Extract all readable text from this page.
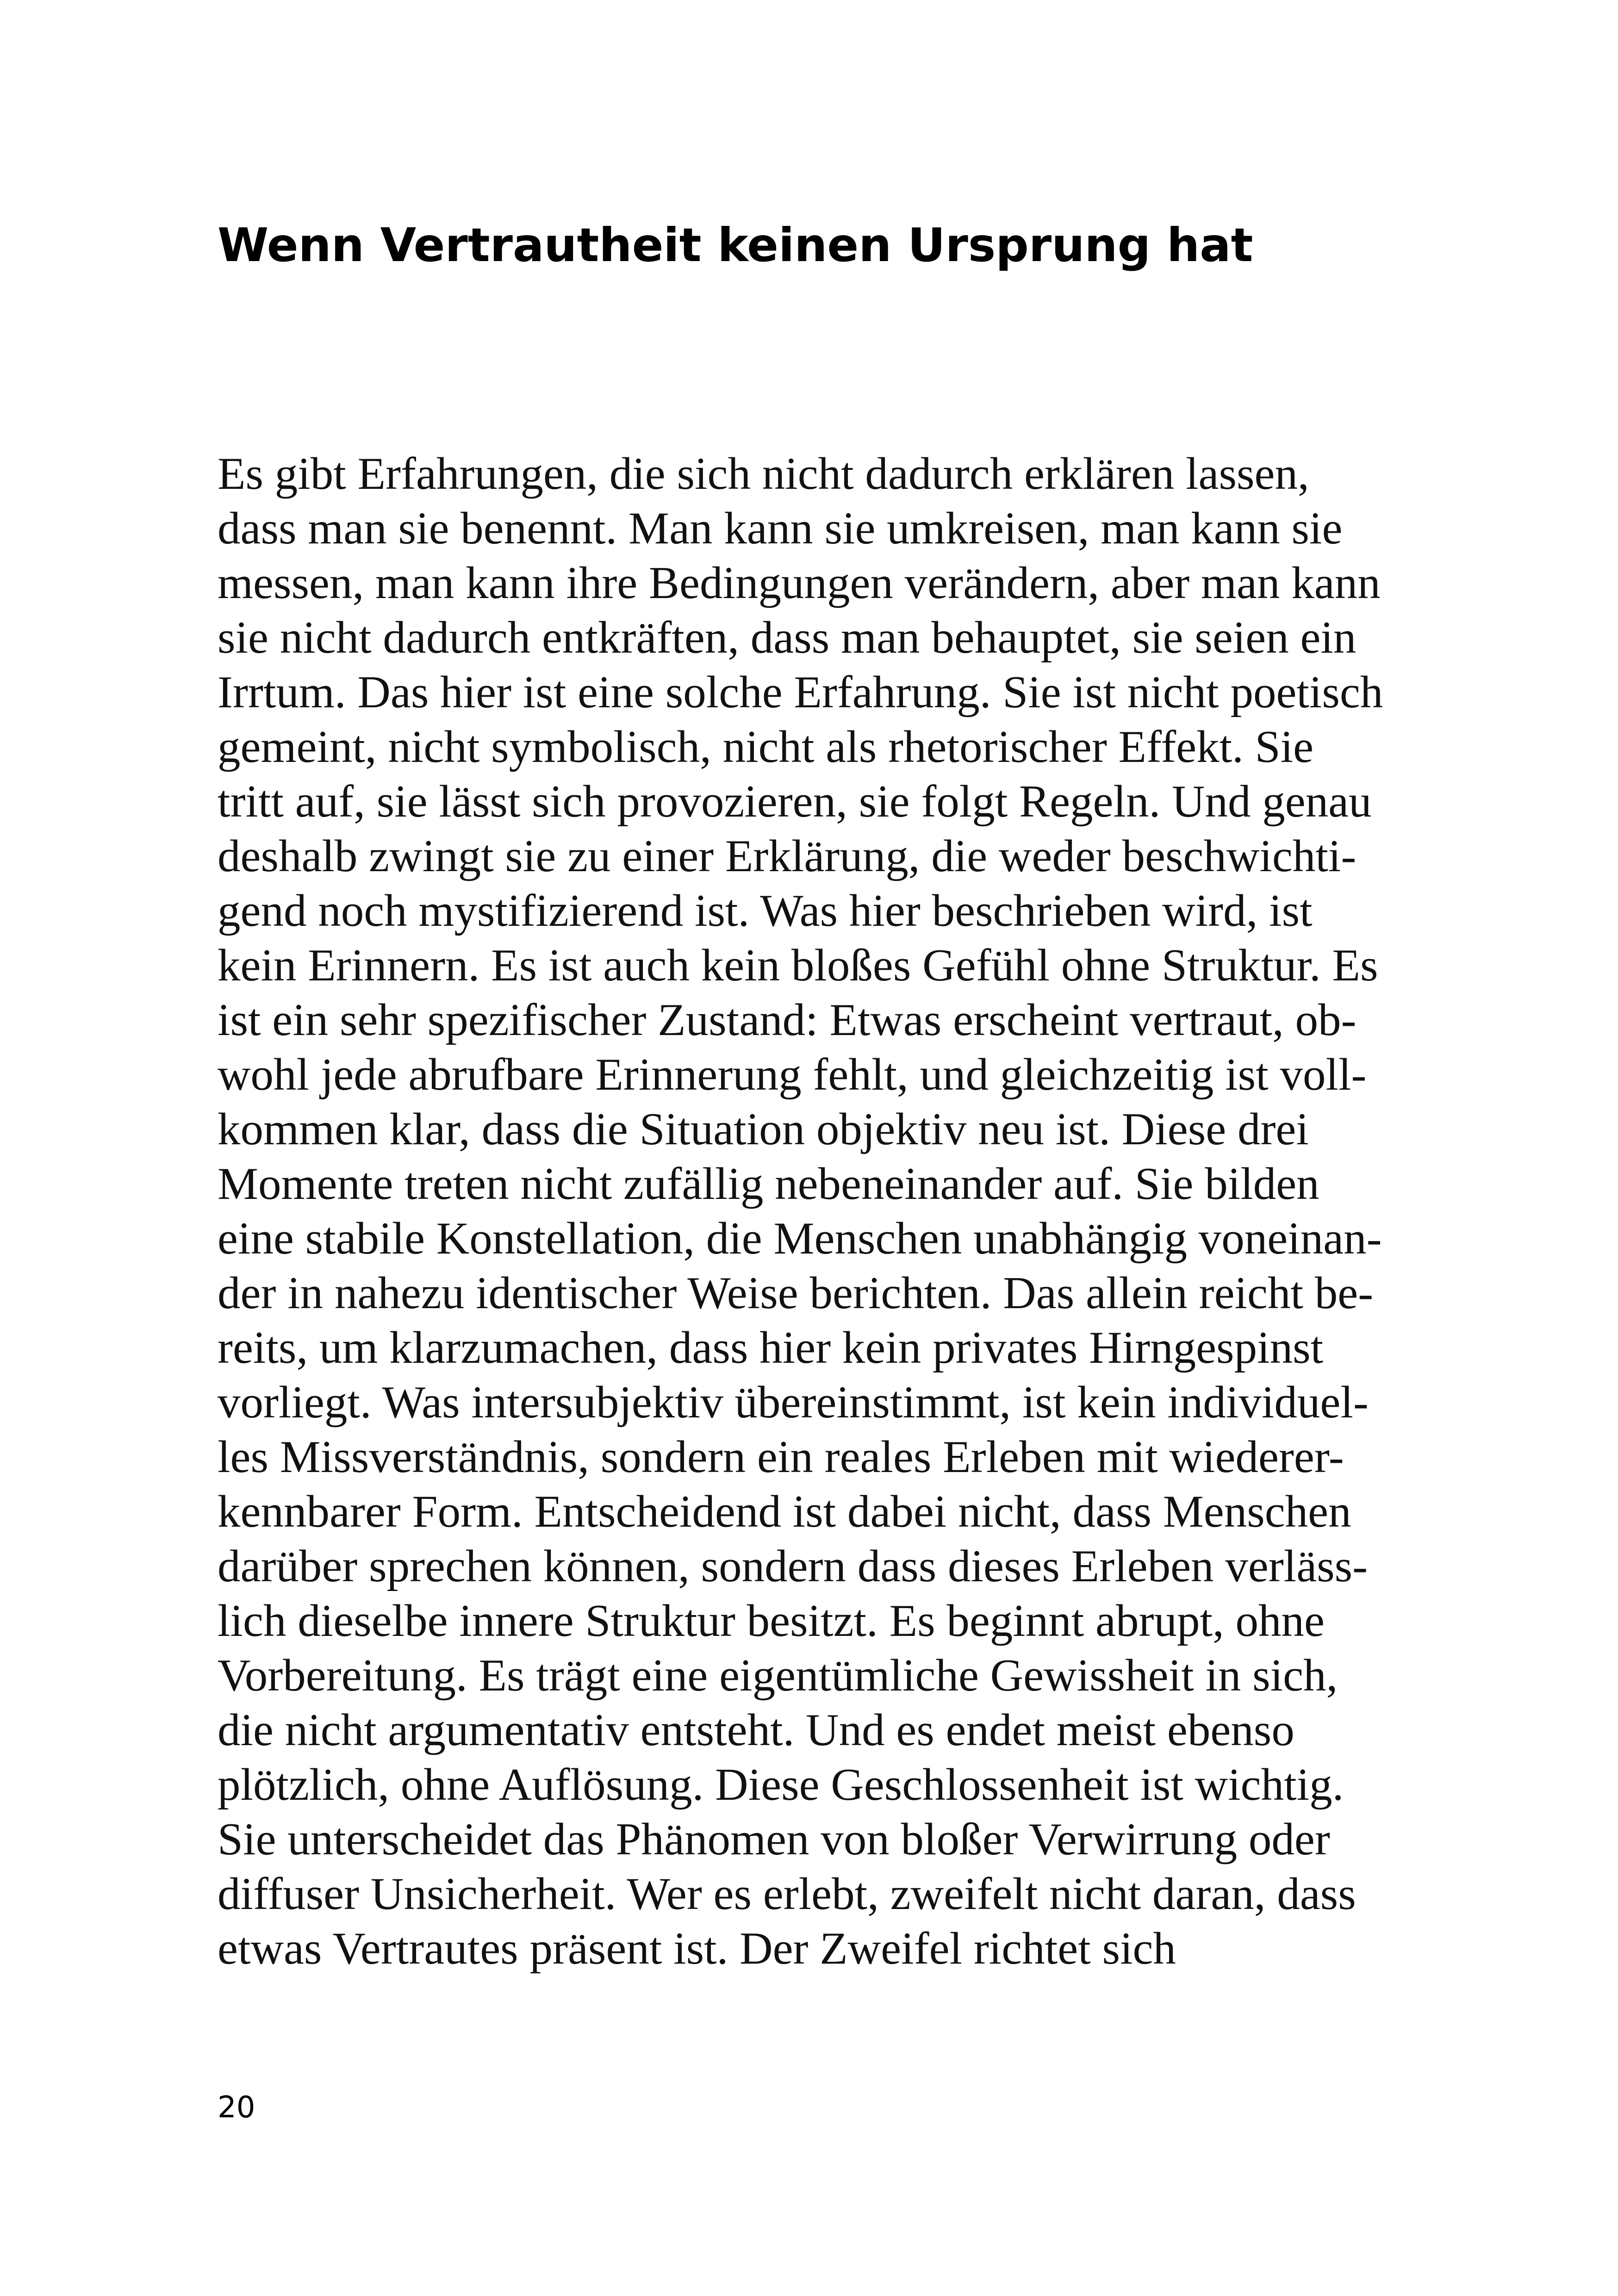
Wenn Vertrautheit keinen Ursprung hat
Es gibt Erfahrungen, die sich nicht dadurch erklären lassen,
dass man sie benennt. Man kann sie umkreisen, man kann sie
messen, man kann ihre Bedingungen verändern, aber man kann
sie nicht dadurch entkräften, dass man behauptet, sie seien ein
Irrtum. Das hier ist eine solche Erfahrung. Sie ist nicht poetisch
gemeint, nicht symbolisch, nicht als rhetorischer Effekt. Sie
tritt auf, sie lässt sich provozieren, sie folgt Regeln. Und genau
deshalb zwingt sie zu einer Erklärung, die weder beschwichti-
gend noch mystifizierend ist. Was hier beschrieben wird, ist
kein Erinnern. Es ist auch kein bloßes Gefühl ohne Struktur. Es
ist ein sehr spezifischer Zustand: Etwas erscheint vertraut, ob-
wohl jede abrufbare Erinnerung fehlt, und gleichzeitig ist voll-
kommen klar, dass die Situation objektiv neu ist. Diese drei
Momente treten nicht zufällig nebeneinander auf. Sie bilden
eine stabile Konstellation, die Menschen unabhängig voneinan-
der in nahezu identischer Weise berichten. Das allein reicht be-
reits, um klarzumachen, dass hier kein privates Hirngespinst
vorliegt. Was intersubjektiv übereinstimmt, ist kein individuel-
les Missverständnis, sondern ein reales Erleben mit wiederer-
kennbarer Form. Entscheidend ist dabei nicht, dass Menschen
darüber sprechen können, sondern dass dieses Erleben verläss-
lich dieselbe innere Struktur besitzt. Es beginnt abrupt, ohne
Vorbereitung. Es trägt eine eigentümliche Gewissheit in sich,
die nicht argumentativ entsteht. Und es endet meist ebenso
plötzlich, ohne Auflösung. Diese Geschlossenheit ist wichtig.
Sie unterscheidet das Phänomen von bloßer Verwirrung oder
diffuser Unsicherheit. Wer es erlebt, zweifelt nicht daran, dass
etwas Vertrautes präsent ist. Der Zweifel richtet sich
20
